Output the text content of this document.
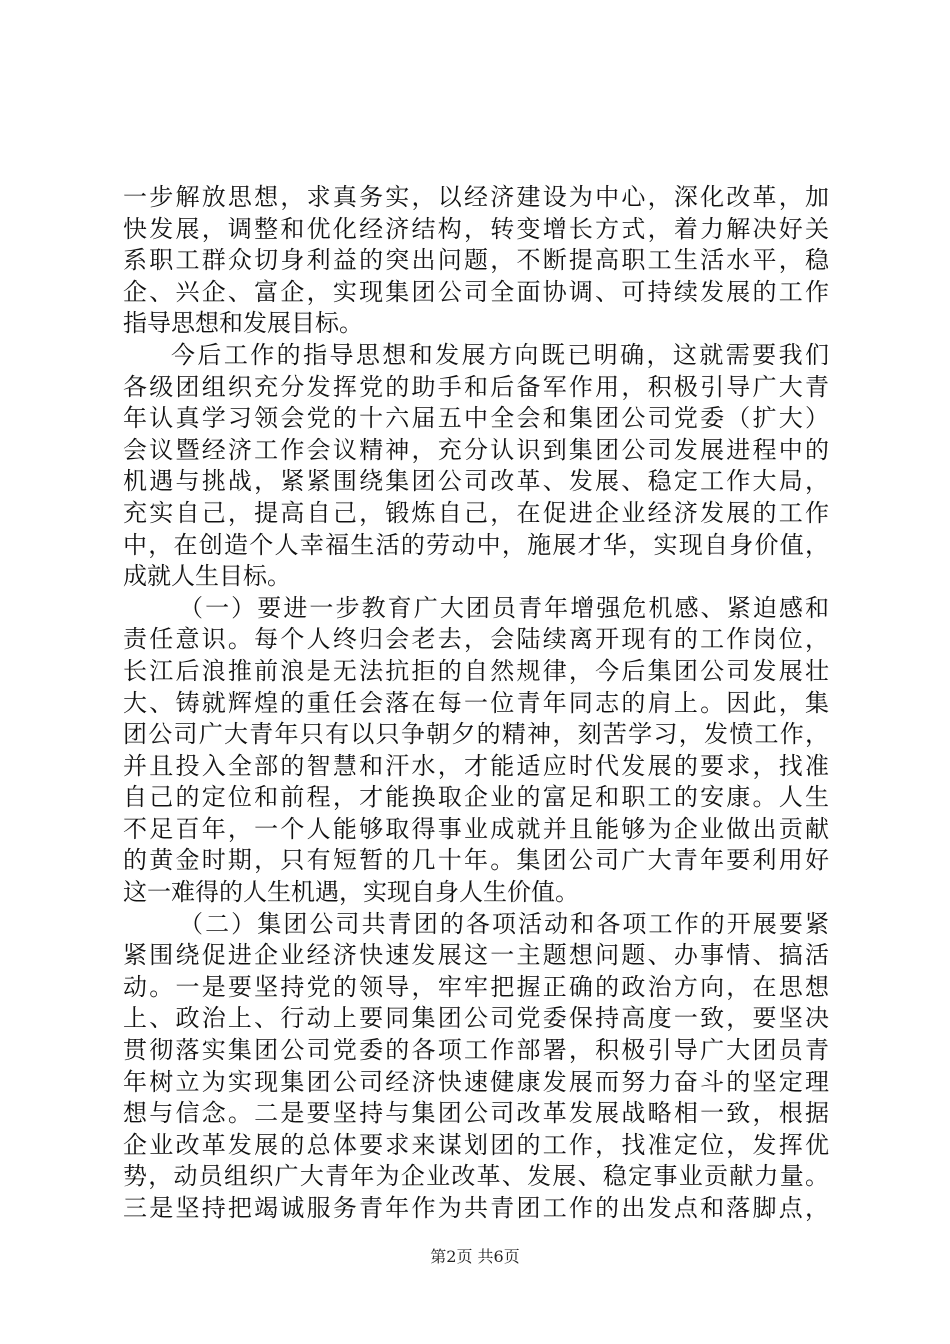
一步解放思想，求真务实，以经济建设为中心，深化改革，加
快发展，调整和优化经济结构，转变增长方式，着力解决好关
系职工群众切身利益的突出问题，不断提高职工生活水平，稳
企、兴企、富企，实现集团公司全面协调、可持续发展的工作
指导思想和发展目标。
今后工作的指导思想和发展方向既已明确，这就需要我们
各级团组织充分发挥党的助手和后备军作用，积极引导广大青
年认真学习领会党的十六届五中全会和集团公司党委（扩大）
会议暨经济工作会议精神，充分认识到集团公司发展进程中的
机遇与挑战，紧紧围绕集团公司改革、发展、稳定工作大局，
充实自己，提高自己，锻炼自己，在促进企业经济发展的工作
中，在创造个人幸福生活的劳动中，施展才华，实现自身价值，
成就人生目标。
（一）要进一步教育广大团员青年增强危机感、紧迫感和
责任意识。每个人终归会老去，会陆续离开现有的工作岗位，
长江后浪推前浪是无法抗拒的自然规律，今后集团公司发展壮
大、铸就辉煌的重任会落在每一位青年同志的肩上。因此，集
团公司广大青年只有以只争朝夕的精神，刻苦学习，发愤工作，
并且投入全部的智慧和汗水，才能适应时代发展的要求，找准
自己的定位和前程，才能换取企业的富足和职工的安康。人生
不足百年，一个人能够取得事业成就并且能够为企业做出贡献
的黄金时期，只有短暂的几十年。集团公司广大青年要利用好
这一难得的人生机遇，实现自身人生价值。
（二）集团公司共青团的各项活动和各项工作的开展要紧
紧围绕促进企业经济快速发展这一主题想问题、办事情、搞活
动。一是要坚持党的领导，牢牢把握正确的政治方向，在思想
上、政治上、行动上要同集团公司党委保持高度一致，要坚决
贯彻落实集团公司党委的各项工作部署，积极引导广大团员青
年树立为实现集团公司经济快速健康发展而努力奋斗的坚定理
想与信念。二是要坚持与集团公司改革发展战略相一致，根据
企业改革发展的总体要求来谋划团的工作，找准定位，发挥优
势，动员组织广大青年为企业改革、发展、稳定事业贡献力量。
三是坚持把竭诚服务青年作为共青团工作的出发点和落脚点，
第2页 共6页
